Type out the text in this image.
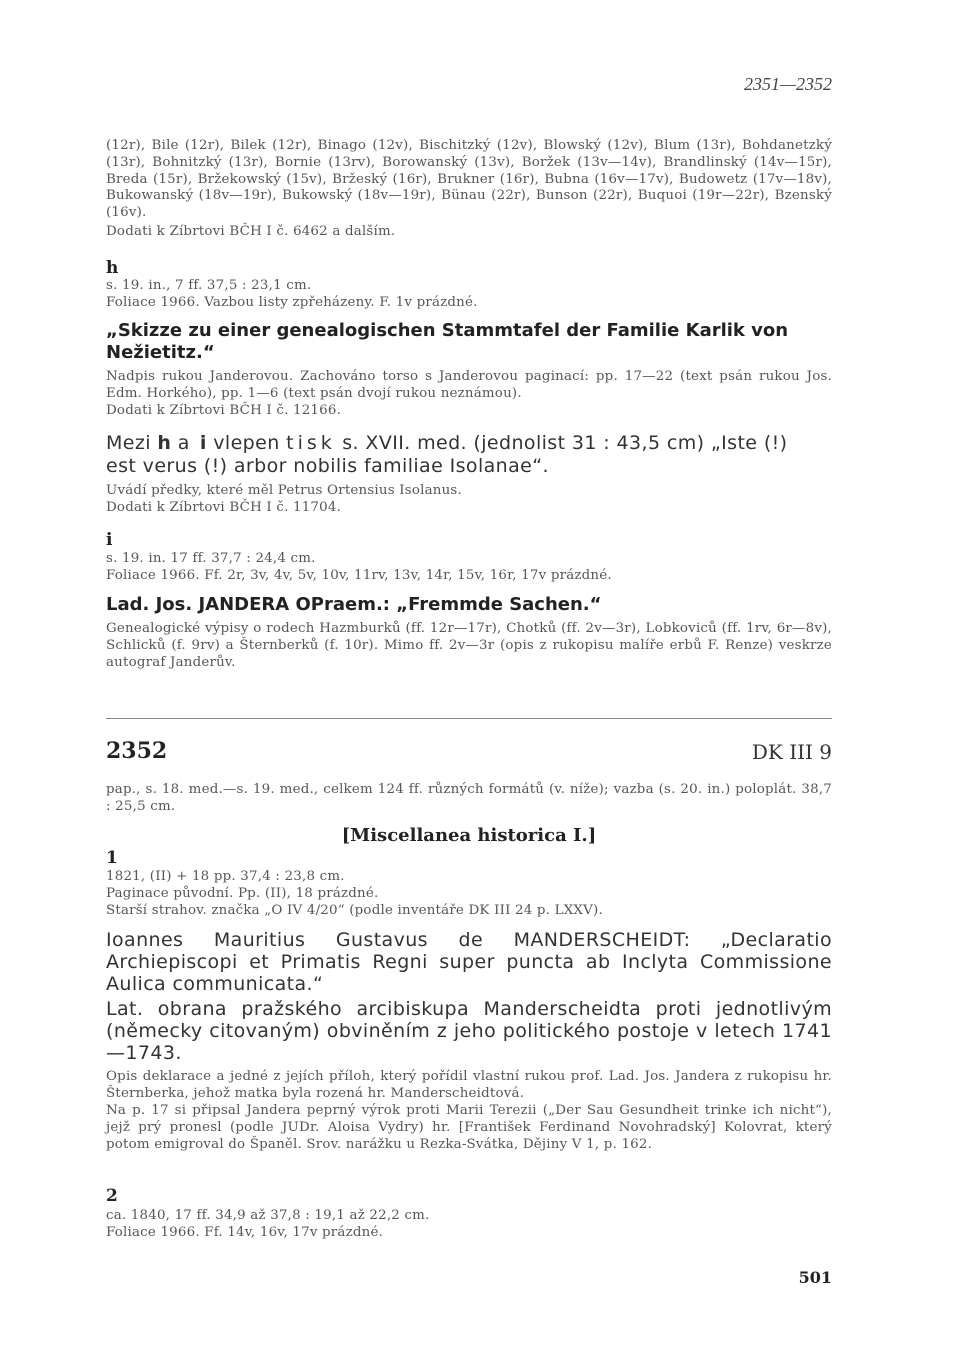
2351—2352

(12r), Bile (12r), Bilek (12r), Binago (12v), Bischitzký (12v), Blowský (12v), Blum (13r), Bohdanetzký (13r), Bohnitzký (13r), Bornie (13rv), Borowanský (13v), Boržek (13v—14v), Brandlinský (14v—15r), Breda (15r), Bržekowský (15v), Bržeský (16r), Brukner (16r), Bubna (16v—17v), Budowetz (17v—18v), Bukowanský (18v—19r), Bukowský (18v—19r), Bünau (22r), Bunson (22r), Buquoi (19r—22r), Bzenský (16v).

Dodati k Zíbrtovi BČH I č. 6462 a dalším.

h

s. 19. in., 7 ff. 37,5 : 23,1 cm.

Foliace 1966. Vazbou listy zpřeházeny. F. 1v prázdné.

„Skizze zu einer genealogischen Stammtafel der Familie Karlik von Nežietitz.“

Nadpis rukou Janderovou. Zachováno torso s Janderovou paginací: pp. 17—22 (text psán rukou Jos. Edm. Horkého), pp. 1—6 (text psán dvojí rukou neznámou).

Dodati k Zíbrtovi BČH I č. 12166.

Mezi h a i vlepen tisk s. XVII. med. (jednolist 31 : 43,5 cm) „Iste (!)

est verus (!) arbor nobilis familiae Isolanae“.

Uvádí předky, které měl Petrus Ortensius Isolanus.

Dodati k Zíbrtovi BČH I č. 11704.

i

s. 19. in. 17 ff. 37,7 : 24,4 cm.

Foliace 1966. Ff. 2r, 3v, 4v, 5v, 10v, 11rv, 13v, 14r, 15v, 16r, 17v prázdné.

Lad. Jos. JANDERA OPraem.: „Fremmde Sachen.“

Genealogické výpisy o rodech Hazmburků (ff. 12r—17r), Chotků (ff. 2v—3r), Lobkoviců (ff. 1rv, 6r—8v), Schlicků (f. 9rv) a Šternberků (f. 10r). Mimo ff. 2v—3r (opis z rukopisu malíře erbů F. Renze) veskrze autograf Janderův.

2352	DK III 9

pap., s. 18. med.—s. 19. med., celkem 124 ff. různých formátů (v. níže); vazba (s. 20. in.) poloplát. 38,7 : 25,5 cm.

[Miscellanea historica I.]

1

1821, (II) + 18 pp. 37,4 : 23,8 cm.

Paginace původní. Pp. (II), 18 prázdné.

Starší strahov. značka „O IV 4/20“ (podle inventáře DK III 24 p. LXXV).

Ioannes Mauritius Gustavus de MANDERSCHEIDT: „Declaratio Archiepiscopi et Primatis Regni super puncta ab Inclyta Commissione Aulica communicata.“

Lat. obrana pražského arcibiskupa Manderscheidta proti jednotlivým (německy citovaným) obviněním z jeho politického postoje v letech 1741—1743.

Opis deklarace a jedné z jejích příloh, který pořídil vlastní rukou prof. Lad. Jos. Jandera z rukopisu hr. Šternberka, jehož matka byla rozená hr. Manderscheidtová.

Na p. 17 si připsal Jandera peprný výrok proti Marii Terezii („Der Sau Gesundheit trinke ich nicht“), jejž prý pronesl (podle JUDr. Aloisa Vydry) hr. [František Ferdinand Novohradský] Kolovrat, který potom emigroval do Španěl. Srov. narážku u Rezka-Svátka, Dějiny V 1, p. 162.

2

ca. 1840, 17 ff. 34,9 až 37,8 : 19,1 až 22,2 cm.

Foliace 1966. Ff. 14v, 16v, 17v prázdné.

501
